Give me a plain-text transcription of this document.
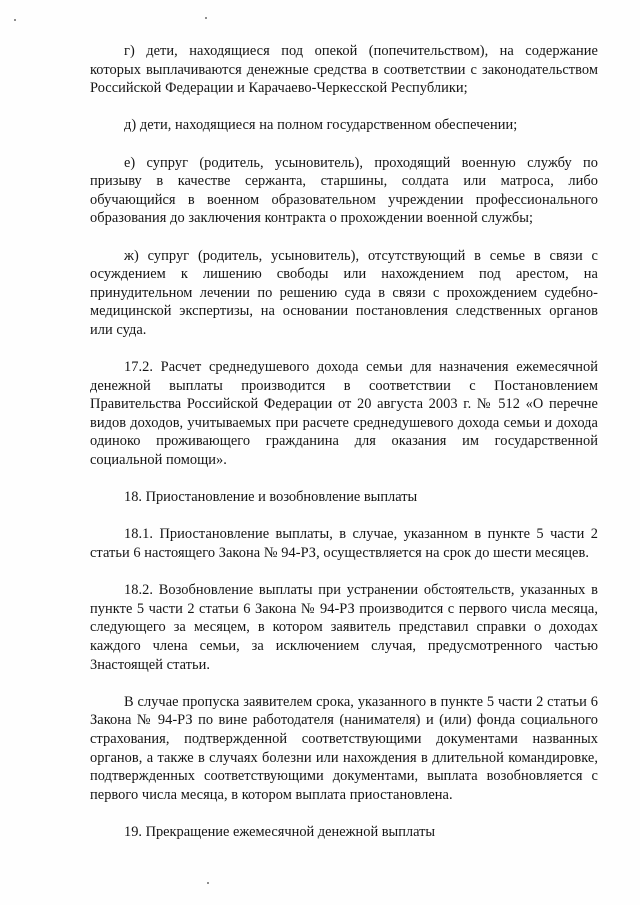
г) дети, находящиеся под опекой (попечительством), на содержание которых выплачиваются денежные средства в соответствии с законодательством Российской Федерации и Карачаево-Черкесской Республики;

д) дети, находящиеся на полном государственном обеспечении;

е) супруг (родитель, усыновитель), проходящий военную службу по призыву в качестве сержанта, старшины, солдата или матроса, либо обучающийся в военном образовательном учреждении профессионального образования до заключения контракта о прохождении военной службы;

ж) супруг (родитель, усыновитель), отсутствующий в семье в связи с осуждением к лишению свободы или нахождением под арестом, на принудительном лечении по решению суда в связи с прохождением судебно-медицинской экспертизы, на основании постановления следственных органов или суда.

17.2. Расчет среднедушевого дохода семьи для назначения ежемесячной денежной выплаты производится в соответствии с Постановлением Правительства Российской Федерации от 20 августа 2003 г. № 512 «О перечне видов доходов, учитываемых при расчете среднедушевого дохода семьи и дохода одиноко проживающего гражданина для оказания им государственной социальной помощи».

18. Приостановление и возобновление выплаты

18.1. Приостановление выплаты, в случае, указанном в пункте 5 части 2 статьи 6 настоящего Закона № 94-РЗ, осуществляется на срок до шести месяцев.

18.2. Возобновление выплаты при устранении обстоятельств, указанных в пункте 5 части 2 статьи 6 Закона № 94-РЗ производится с первого числа месяца, следующего за месяцем, в котором заявитель представил справки о доходах каждого члена семьи, за исключением случая, предусмотренного частью 3настоящей статьи.

В случае пропуска заявителем срока, указанного в пункте 5 части 2 статьи 6 Закона № 94-РЗ по вине работодателя (нанимателя) и (или) фонда социального страхования, подтвержденной соответствующими документами названных органов, а также в случаях болезни или нахождения в длительной командировке, подтвержденных соответствующими документами, выплата возобновляется с первого числа месяца, в котором выплата приостановлена.

19. Прекращение ежемесячной денежной выплаты
